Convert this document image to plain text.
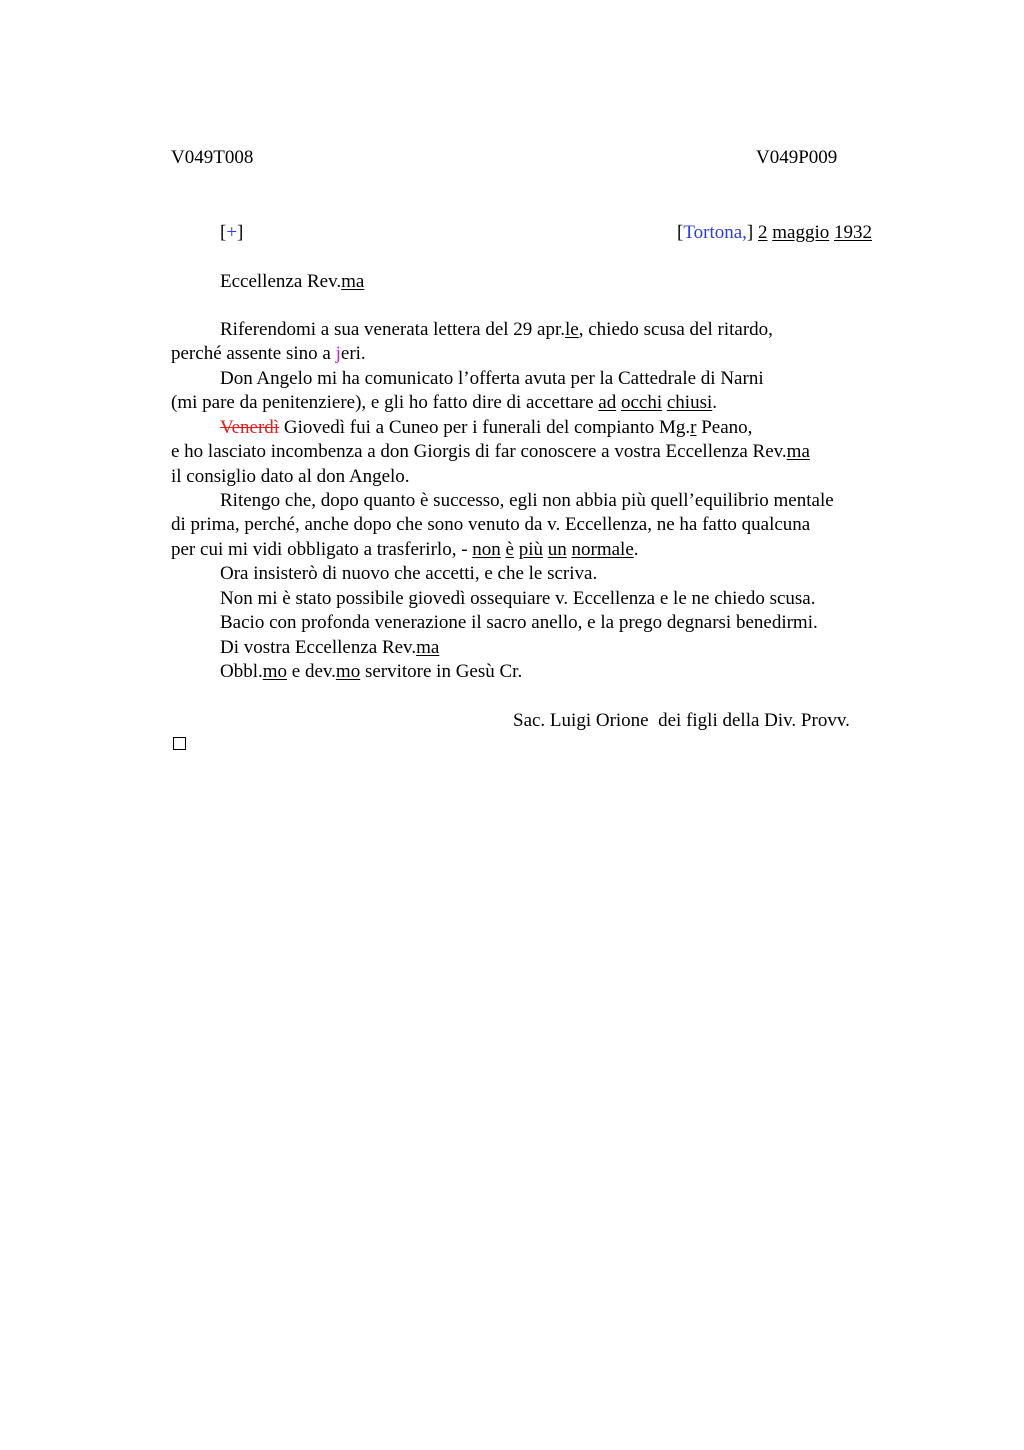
V049T008	V049P009
[+]	[Tortona,] 2 maggio 1932
Eccellenza Rev.ma
Riferendomi a sua venerata lettera del 29 apr.le, chiedo scusa del ritardo,
perché assente sino a jeri.
Don Angelo mi ha comunicato l’offerta avuta per la Cattedrale di Narni
(mi pare da penitenziere), e gli ho fatto dire di accettare ad occhi chiusi.
Venerdì Giovedì fui a Cuneo per i funerali del compianto Mg.r Peano,
e ho lasciato incombenza a don Giorgis di far conoscere a vostra Eccellenza Rev.ma
il consiglio dato al don Angelo.
Ritengo che, dopo quanto è successo, egli non abbia più quell’equilibrio mentale
di prima, perché, anche dopo che sono venuto da v. Eccellenza, ne ha fatto qualcuna
per cui mi vidi obbligato a trasferirlo, - non è più un normale.
Ora insisterò di nuovo che accetti, e che le scriva.
Non mi è stato possibile giovedì ossequiare v. Eccellenza e le ne chiedo scusa.
Bacio con profonda venerazione il sacro anello, e la prego degnarsi benedirmi.
Di vostra Eccellenza Rev.ma
Obbl.mo e dev.mo servitore in Gesù Cr.
Sac. Luigi Orione  dei figli della Div. Provv.
